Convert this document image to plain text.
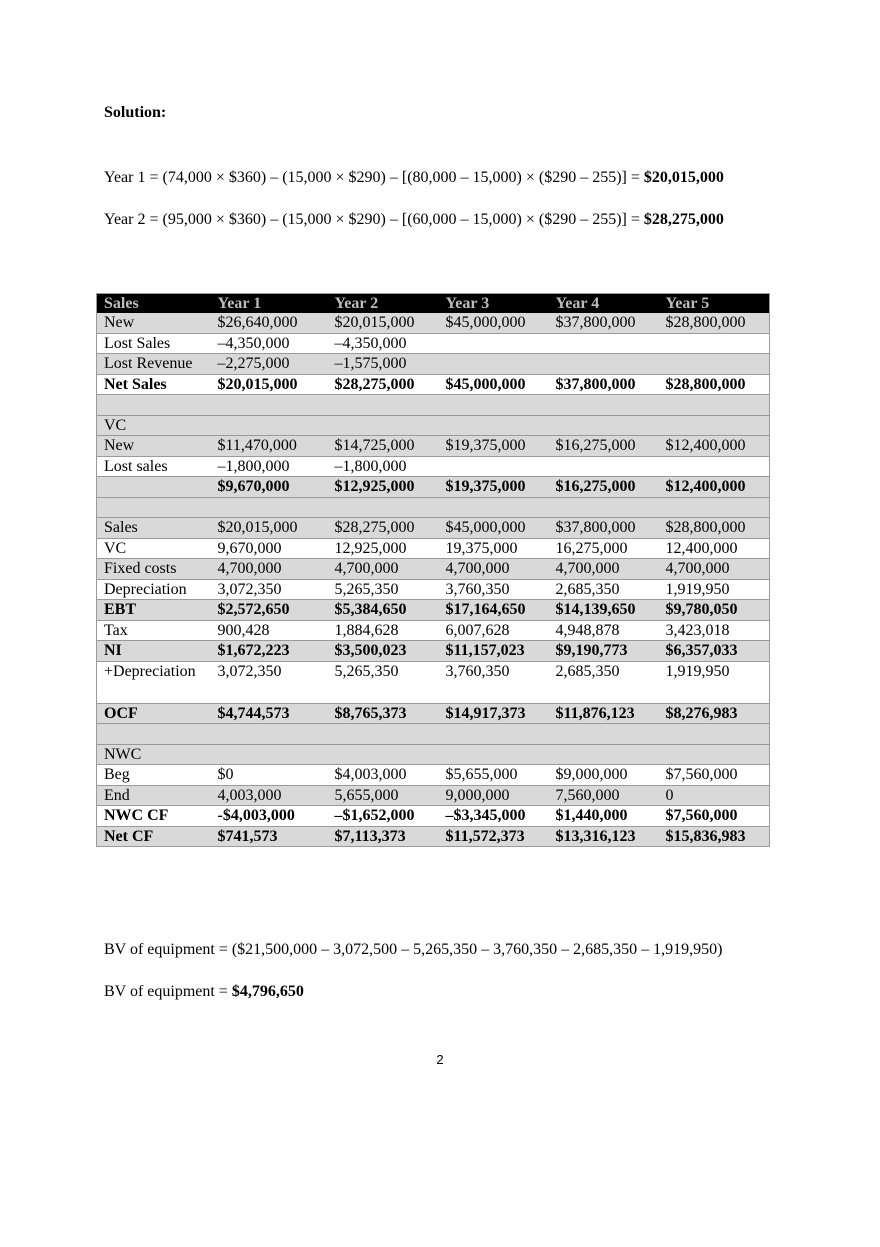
Solution:
Year 1 = (74,000 × $360) – (15,000 × $290) – [(80,000 – 15,000) × ($290 – 255)] = $20,015,000
Year 2 = (95,000 × $360) – (15,000 × $290) – [(60,000 – 15,000) × ($290 – 255)] = $28,275,000
Sales	Year 1	Year 2	Year 3	Year 4	Year 5
New	$26,640,000	$20,015,000	$45,000,000	$37,800,000	$28,800,000
Lost Sales	–4,350,000	–4,350,000			
Lost Revenue	–2,275,000	–1,575,000			
Net Sales	$20,015,000	$28,275,000	$45,000,000	$37,800,000	$28,800,000

VC					
New	$11,470,000	$14,725,000	$19,375,000	$16,275,000	$12,400,000
Lost sales	–1,800,000	–1,800,000			
	$9,670,000	$12,925,000	$19,375,000	$16,275,000	$12,400,000

Sales	$20,015,000	$28,275,000	$45,000,000	$37,800,000	$28,800,000
VC	9,670,000	12,925,000	19,375,000	16,275,000	12,400,000
Fixed costs	4,700,000	4,700,000	4,700,000	4,700,000	4,700,000
Depreciation	3,072,350	5,265,350	3,760,350	2,685,350	1,919,950
EBT	$2,572,650	$5,384,650	$17,164,650	$14,139,650	$9,780,050
Tax	900,428	1,884,628	6,007,628	4,948,878	3,423,018
NI	$1,672,223	$3,500,023	$11,157,023	$9,190,773	$6,357,033
+Depreciation	3,072,350	5,265,350	3,760,350	2,685,350	1,919,950
OCF	$4,744,573	$8,765,373	$14,917,373	$11,876,123	$8,276,983

NWC					
Beg	$0	$4,003,000	$5,655,000	$9,000,000	$7,560,000
End	4,003,000	5,655,000	9,000,000	7,560,000	0
NWC CF	-$4,003,000	–$1,652,000	–$3,345,000	$1,440,000	$7,560,000
Net CF	$741,573	$7,113,373	$11,572,373	$13,316,123	$15,836,983
BV of equipment = ($21,500,000 – 3,072,500 – 5,265,350 – 3,760,350 – 2,685,350 – 1,919,950)
BV of equipment = $4,796,650
2
